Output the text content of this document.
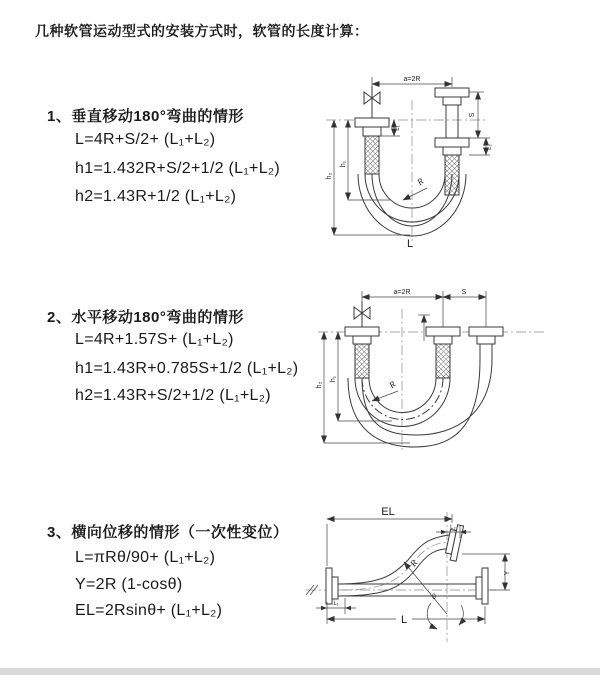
几种软管运动型式的安装方式时，软管的长度计算：
1、垂直移动180°弯曲的情形
L=4R+S/2+ (L₁+L₂)
h1=1.432R+S/2+1/2 (L₁+L₂)
h2=1.43R+1/2 (L₁+L₂)
2、水平移动180°弯曲的情形
L=4R+1.57S+ (L₁+L₂)
h1=1.43R+0.785S+1/2 (L₁+L₂)
h2=1.43R+S/2+1/2 (L₁+L₂)
3、横向位移的情形（一次性变位）
L=πRθ/90+ (L₁+L₂)
Y=2R (1-cosθ)
EL=2Rsinθ+ (L₁+L₂)
a=2R
h₂
h₁
L₁
S
L₂
R
L
a=2R	S
h₂
h₁	R
EL
L₂
Y
R
θ
L₁
L
